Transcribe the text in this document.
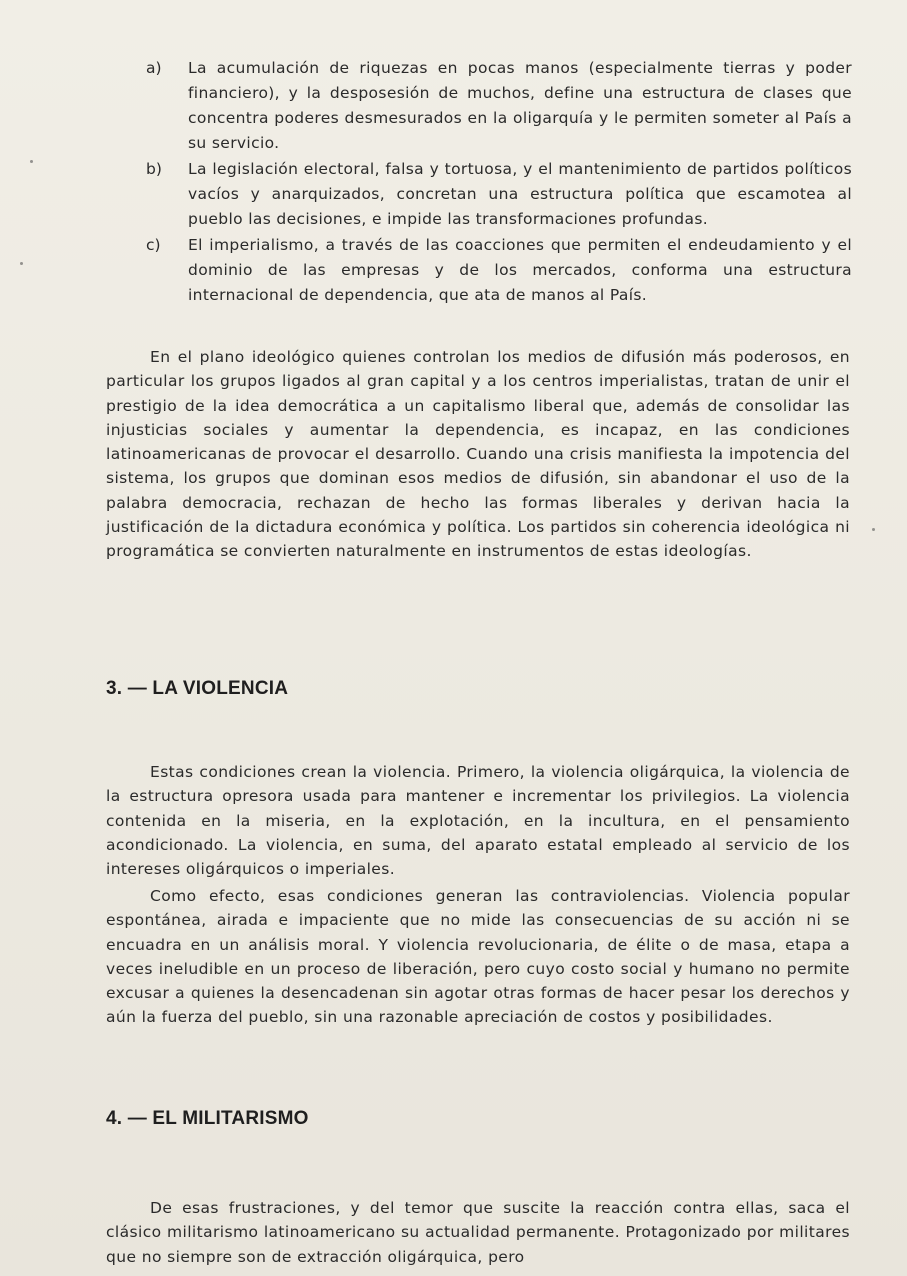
a)	La acumulación de riquezas en pocas manos (especialmente tierras y poder financiero), y la desposesión de muchos, define una estructura de clases que concentra poderes desmesurados en la oligarquía y le permiten someter al País a su servicio.
b)	La legislación electoral, falsa y tortuosa, y el mantenimiento de partidos políticos vacíos y anarquizados, concretan una estructura política que escamotea al pueblo las decisiones, e impide las transformaciones profundas.
c)	El imperialismo, a través de las coacciones que permiten el endeudamiento y el dominio de las empresas y de los mercados, conforma una estructura internacional de dependencia, que ata de manos al País.

En el plano ideológico quienes controlan los medios de difusión más poderosos, en particular los grupos ligados al gran capital y a los centros imperialistas, tratan de unir el prestigio de la idea democrática a un capitalismo liberal que, además de consolidar las injusticias sociales y aumentar la dependencia, es incapaz, en las condiciones latinoamericanas de provocar el desarrollo. Cuando una crisis manifiesta la impotencia del sistema, los grupos que dominan esos medios de difusión, sin abandonar el uso de la palabra democracia, rechazan de hecho las formas liberales y derivan hacia la justificación de la dictadura económica y política. Los partidos sin coherencia ideológica ni programática se convierten naturalmente en instrumentos de estas ideologías.

3. — LA VIOLENCIA

Estas condiciones crean la violencia. Primero, la violencia oligárquica, la violencia de la estructura opresora usada para mantener e incrementar los privilegios. La violencia contenida en la miseria, en la explotación, en la incultura, en el pensamiento acondicionado. La violencia, en suma, del aparato estatal empleado al servicio de los intereses oligárquicos o imperiales.

Como efecto, esas condiciones generan las contraviolencias. Violencia popular espontánea, airada e impaciente que no mide las consecuencias de su acción ni se encuadra en un análisis moral. Y violencia revolucionaria, de élite o de masa, etapa a veces ineludible en un proceso de liberación, pero cuyo costo social y humano no permite excusar a quienes la desencadenan sin agotar otras formas de hacer pesar los derechos y aún la fuerza del pueblo, sin una razonable apreciación de costos y posibilidades.

4. — EL MILITARISMO

De esas frustraciones, y del temor que suscite la reacción contra ellas, saca el clásico militarismo latinoamericano su actualidad permanente. Protagonizado por militares que no siempre son de extracción oligárquica, pero
